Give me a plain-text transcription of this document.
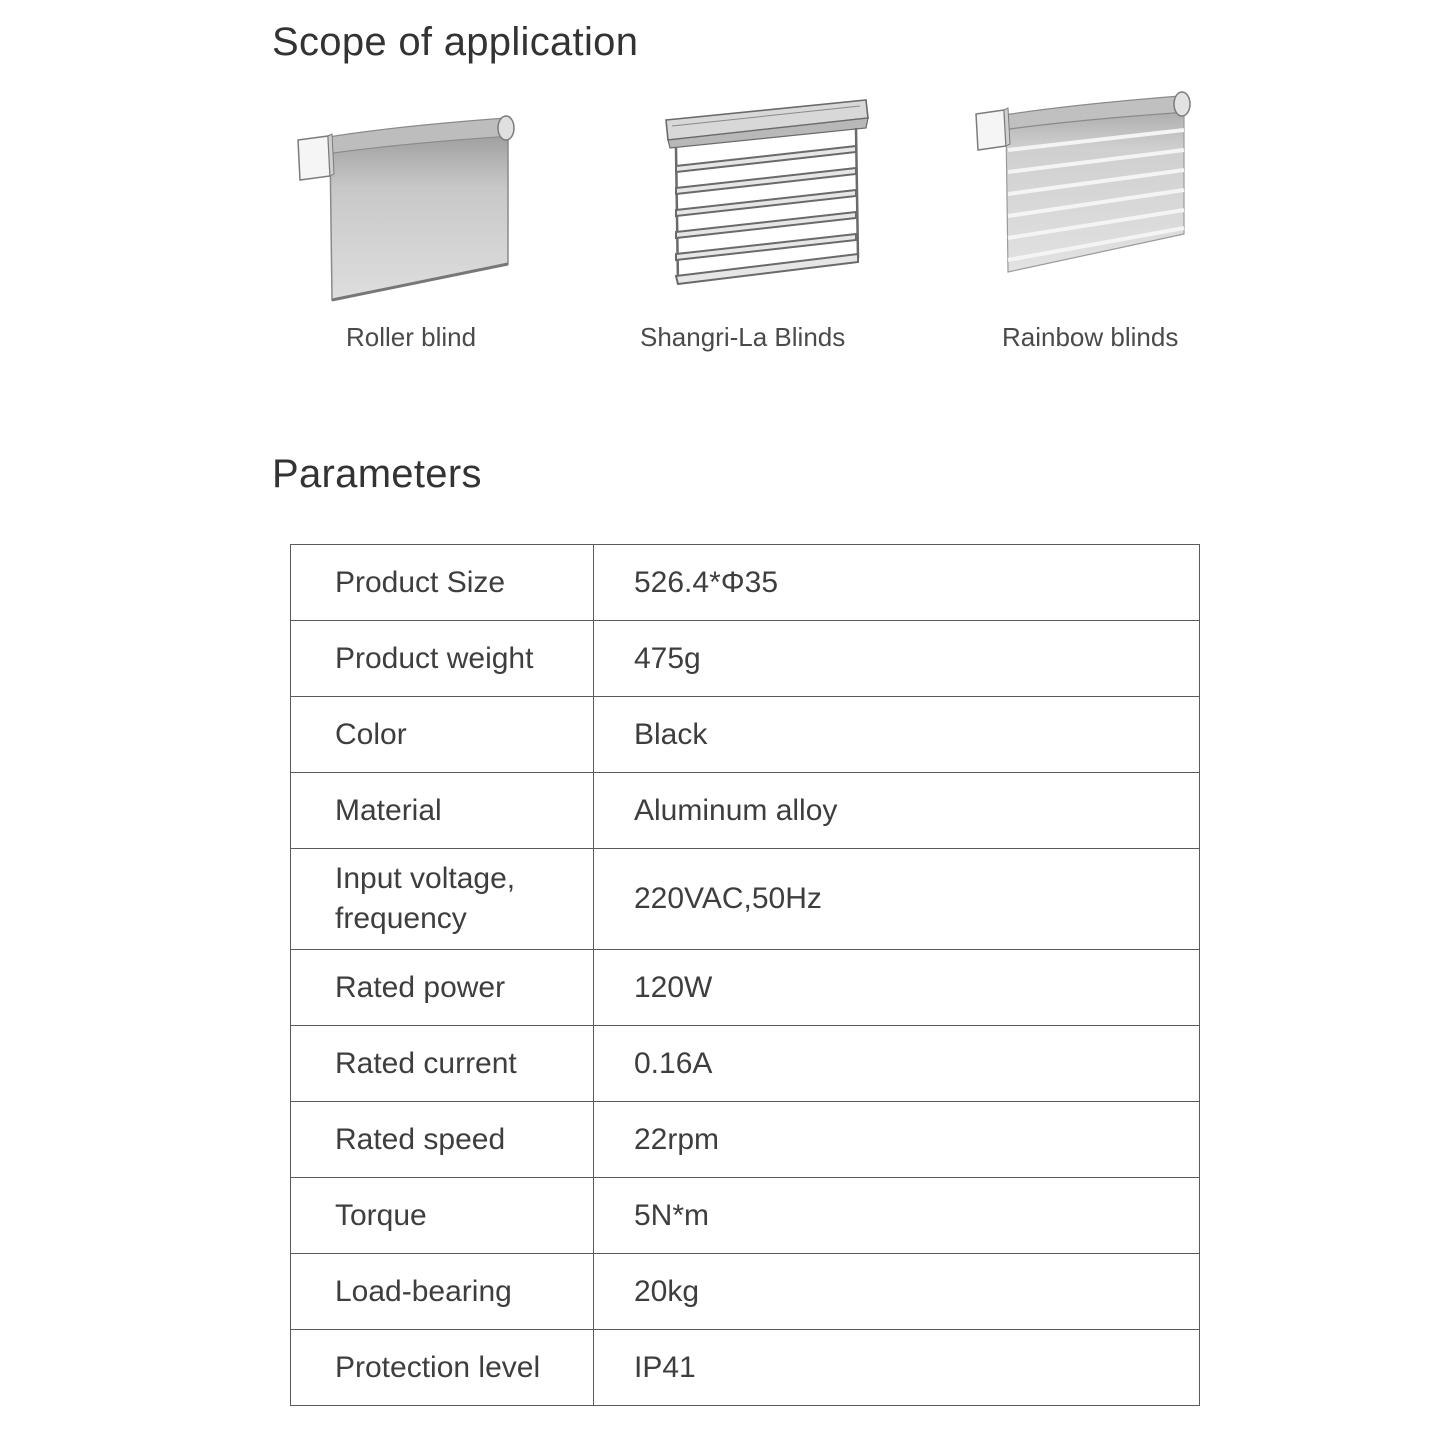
Scope of application
Roller blind	Shangri-La Blinds	Rainbow blinds
Parameters
Product Size	526.4*Φ35
Product weight	475g
Color	Black
Material	Aluminum alloy
Input voltage, frequency	220VAC,50Hz
Rated power	120W
Rated current	0.16A
Rated speed	22rpm
Torque	5N*m
Load-bearing	20kg
Protection level	IP41
